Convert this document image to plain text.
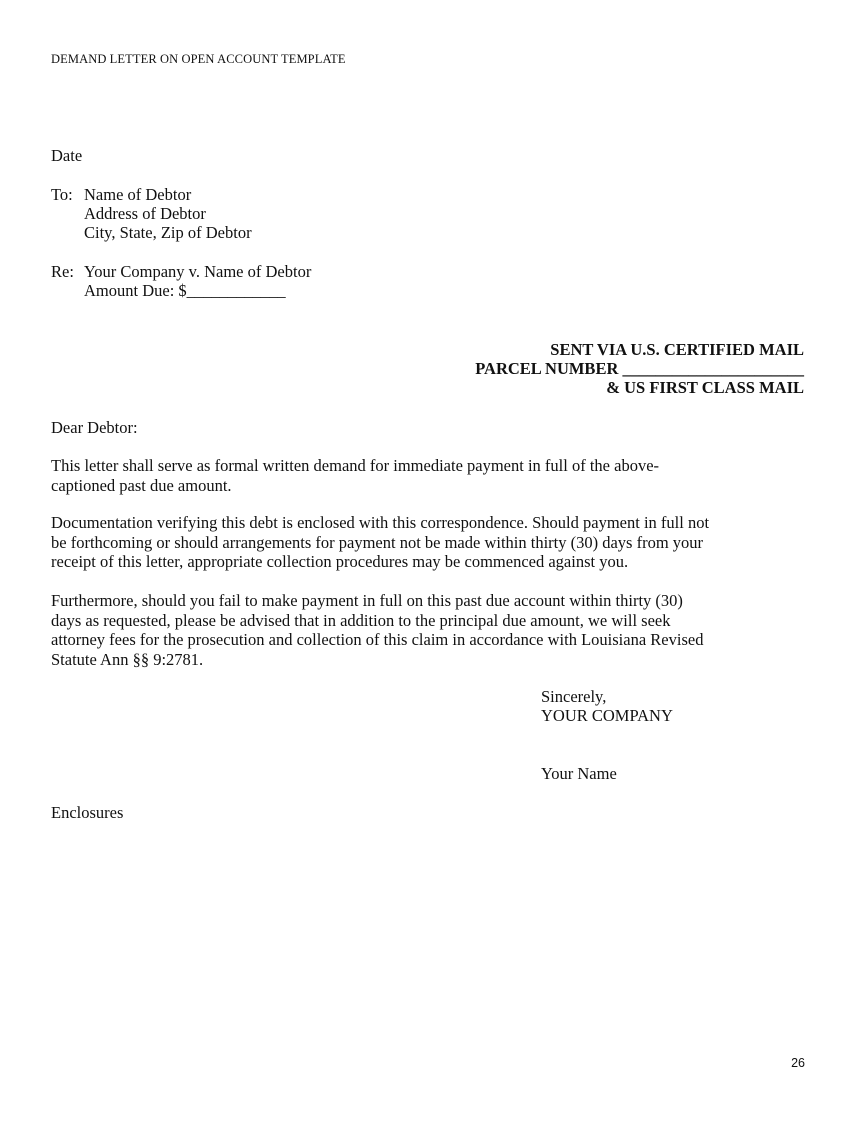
DEMAND LETTER ON OPEN ACCOUNT TEMPLATE
Date
To: Name of Debtor
Address of Debtor
City, State, Zip of Debtor
Re: Your Company v. Name of Debtor
Amount Due: $____________
SENT VIA U.S. CERTIFIED MAIL
PARCEL NUMBER ______________________
& US FIRST CLASS MAIL
Dear Debtor:
This letter shall serve as formal written demand for immediate payment in full of the above-
captioned past due amount.
Documentation verifying this debt is enclosed with this correspondence. Should payment in full not
be forthcoming or should arrangements for payment not be made within thirty (30) days from your
receipt of this letter, appropriate collection procedures may be commenced against you.
Furthermore, should you fail to make payment in full on this past due account within thirty (30)
days as requested, please be advised that in addition to the principal due amount, we will seek
attorney fees for the prosecution and collection of this claim in accordance with Louisiana Revised
Statute Ann §§ 9:2781.
Sincerely,
YOUR COMPANY
Your Name
Enclosures
26
